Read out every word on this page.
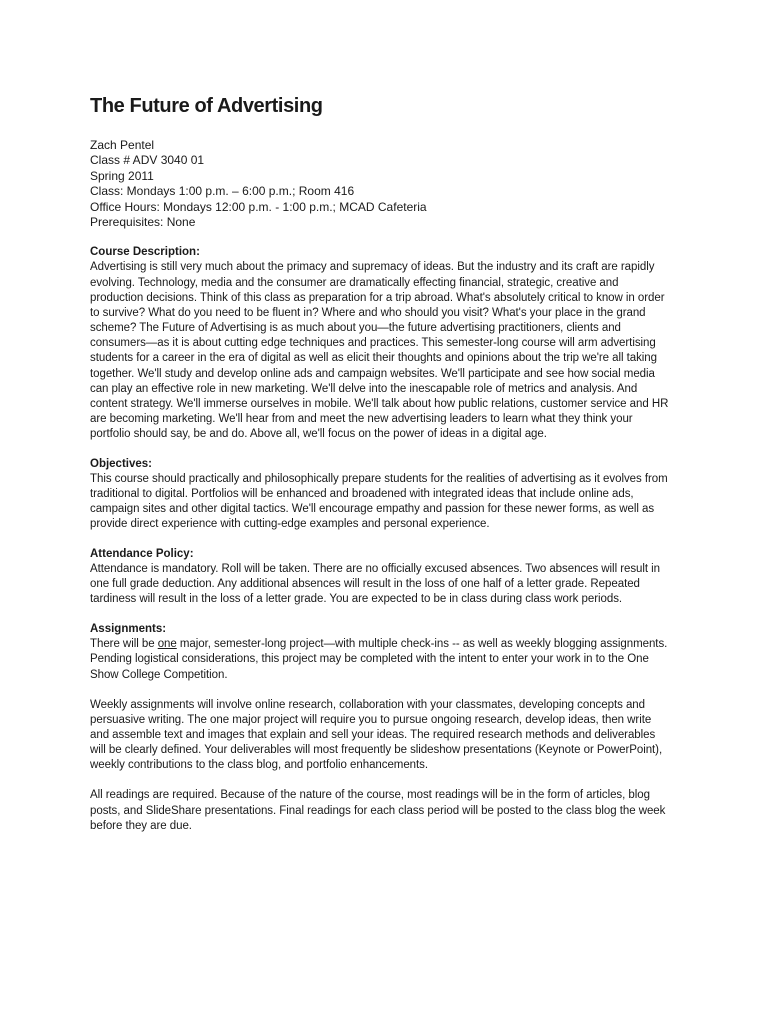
The Future of Advertising
Zach Pentel
Class # ADV 3040 01
Spring 2011
Class: Mondays 1:00 p.m. – 6:00 p.m.; Room 416
Office Hours: Mondays 12:00 p.m. - 1:00 p.m.; MCAD Cafeteria
Prerequisites: None
Course Description:
Advertising is still very much about the primacy and supremacy of ideas. But the industry and its craft are rapidly evolving. Technology, media and the consumer are dramatically effecting financial, strategic, creative and production decisions. Think of this class as preparation for a trip abroad. What's absolutely critical to know in order to survive? What do you need to be fluent in? Where and who should you visit? What's your place in the grand scheme? The Future of Advertising is as much about you—the future advertising practitioners, clients and consumers—as it is about cutting edge techniques and practices. This semester-long course will arm advertising students for a career in the era of digital as well as elicit their thoughts and opinions about the trip we're all taking together. We'll study and develop online ads and campaign websites. We'll participate and see how social media can play an effective role in new marketing. We'll delve into the inescapable role of metrics and analysis. And content strategy. We'll immerse ourselves in mobile. We'll talk about how public relations, customer service and HR are becoming marketing. We'll hear from and meet the new advertising leaders to learn what they think your portfolio should say, be and do. Above all, we'll focus on the power of ideas in a digital age.
Objectives:
This course should practically and philosophically prepare students for the realities of advertising as it evolves from traditional to digital. Portfolios will be enhanced and broadened with integrated ideas that include online ads, campaign sites and other digital tactics. We'll encourage empathy and passion for these newer forms, as well as provide direct experience with cutting-edge examples and personal experience.
Attendance Policy:
Attendance is mandatory. Roll will be taken. There are no officially excused absences. Two absences will result in one full grade deduction. Any additional absences will result in the loss of one half of a letter grade. Repeated tardiness will result in the loss of a letter grade. You are expected to be in class during class work periods.
Assignments:
There will be one major, semester-long project—with multiple check-ins -- as well as weekly blogging assignments. Pending logistical considerations, this project may be completed with the intent to enter your work in to the One Show College Competition.
Weekly assignments will involve online research, collaboration with your classmates, developing concepts and persuasive writing. The one major project will require you to pursue ongoing research, develop ideas, then write and assemble text and images that explain and sell your ideas. The required research methods and deliverables will be clearly defined. Your deliverables will most frequently be slideshow presentations (Keynote or PowerPoint), weekly contributions to the class blog, and portfolio enhancements.
All readings are required. Because of the nature of the course, most readings will be in the form of articles, blog posts, and SlideShare presentations. Final readings for each class period will be posted to the class blog the week before they are due.
